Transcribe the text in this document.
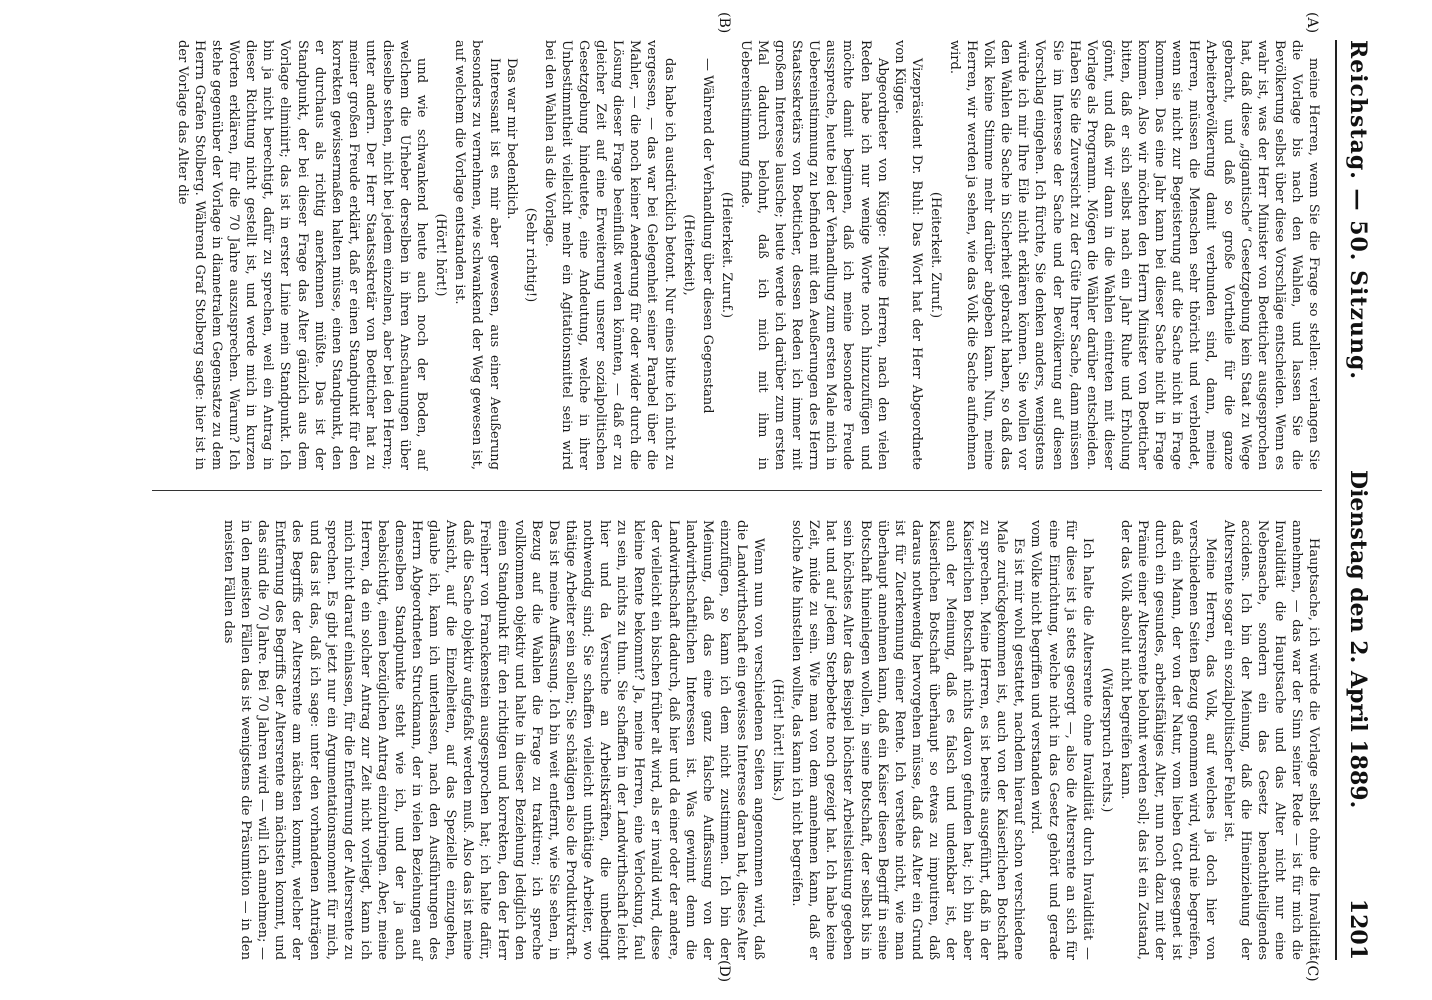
Reichstag. — 50. Sitzung.
Dienstag den 2. April 1889.
1201
(A)
(B)
(C)
(D)

meine Herren, wenn Sie die Frage so stellen: verlangen Sie die Vorlage bis nach den Wahlen, und lassen Sie die Bevölkerung selbst über diese Vorschläge entscheiden. Wenn es wahr ist, was der Herr Minister von Boetticher ausgesprochen hat, daß diese „gigantische“ Gesetzgebung kein Staat zu Wege gebracht, und daß so große Vortheile für die ganze Arbeiterbevölkerung damit verbunden sind, dann, meine Herren, müssen die Menschen sehr thöricht und verblendet, wenn sie nicht zur Begeisterung auf die Sache nicht in Frage kommen. Das eine Jahr kann bei dieser Sache nicht in Frage kommen. Also wir möchten den Herrn Minister von Boetticher bitten, daß er sich selbst nach ein Jahr Ruhe und Erholung gönnt, und daß wir dann in die Wahlen eintreten mit dieser Vorlage als Programm. Mögen die Wähler darüber entscheiden. Haben Sie die Zuversicht zu der Güte Ihrer Sache, dann müssen Sie im Interesse der Sache und der Bevölkerung auf diesen Vorschlag eingehen. Ich fürchte, Sie denken anders, wenigstens würde ich mir Ihre Eile nicht erklären können. Sie wollen vor den Wahlen die Sache in Sicherheit gebracht haben, so daß das Volk keine Stimme mehr darüber abgeben kann. Nun, meine Herren, wir werden ja sehen, wie das Volk die Sache aufnehmen wird.

(Heiterkeit. Zuruf.)

Vizepräsident Dr. Buhl: Das Wort hat der Herr Abgeordnete von Kügge.

Abgeordneter von Kügge: Meine Herren, nach den vielen Reden habe ich nur wenige Worte noch hinzuzufügen und möchte damit beginnen, daß ich meine besondere Freude ausspreche, heute bei der Verhandlung zum ersten Male mich in Uebereinstimmung zu befinden mit den Aeußerungen des Herrn Staatssekretärs von Boetticher, dessen Reden ich immer mit großem Interesse lausche; heute werde ich darüber zum ersten Mal dadurch belohnt, daß ich mich mit ihm in Uebereinstimmung finde.

(Heiterkeit. Zuruf.)

— Während der Verhandlung über diesen Gegenstand

(Heiterkeit),

das habe ich ausdrücklich betont. Nur eines bitte ich nicht zu vergessen, — das war bei Gelegenheit seiner Parabel über die Mahler, — die noch keiner Aenderung für oder wider durch die Lösung dieser Frage beeinflußt werden könnten, — daß er zu gleicher Zeit auf eine Erweiterung unserer sozialpolitischen Gesetzgebung hindeutete, eine Andeutung, welche in ihrer Unbestimmtheit vielleicht mehr ein Agitationsmittel sein wird bei den Wahlen als die Vorlage.

(Sehr richtig!)

Das war mir bedenklich.

Interessant ist es mir aber gewesen, aus einer Aeußerung besonders zu vernehmen, wie schwankend der Weg gewesen ist, auf welchem die Vorlage entstanden ist.

(Hört! hört!)

und wie schwankend heute auch noch der Boden, auf welchem die Urheber derselben in ihren Anschauungen über dieselbe stehen, nicht bei jedem einzelnen, aber bei den Herren; unter andern. Der Herr Staatssekretär von Boetticher hat zu meiner großen Freude erklärt, daß er einen Standpunkt für den korrekten gewissermaßen halten müsse, einen Standpunkt, den er durchaus als richtig anerkennen müßte. Das ist der Standpunkt, der bei dieser Frage das Alter gänzlich aus dem Vorlage eliminirt; das ist in erster Linie mein Standpunkt. Ich bin ja nicht berechtigt, dafür zu sprechen, weil ein Antrag in dieser Richtung nicht gestellt ist, und werde mich in kurzen Worten erklären, für die 70 Jahre auszusprechen. Warum? Ich stehe gegenüber der Vorlage in diametralem Gegensatze zu dem Herrn Grafen Stolberg. Während Graf Stolberg sagte: hier ist in der Vorlage das Alter die

Hauptsache, ich würde die Vorlage selbst ohne die Invalidität annehmen, — das war der Sinn seiner Rede — ist für mich die Invalidität die Hauptsache und das Alter nicht nur eine Nebensache, sondern ein das Gesetz benachtheiligendes accidens. Ich bin der Meinung, daß die Hineinziehung der Altersrente sogar ein sozialpolitischer Fehler ist.

Meine Herren, das Volk, auf welches ja doch hier von verschiedenen Seiten Bezug genommen wird, wird nie begreifen, daß ein Mann, der von der Natur, vom lieben Gott gesegnet ist durch ein gesundes, arbeitsfähiges Alter, nun noch dazu mit der Prämie einer Altersrente belohnt werden soll; das ist ein Zustand, der das Volk absolut nicht begreifen kann.

(Widerspruch rechts.)

Ich halte die Altersrente ohne Invalidität durch Invalidität — für diese ist ja stets gesorgt —, also die Altersrente an sich für eine Einrichtung, welche nicht in das Gesetz gehört und gerade vom Volke nicht begriffen und verstanden wird.

Es ist mir wohl gestattet, nachdem hierauf schon verschiedene Male zurückgekommen ist, auch von der Kaiserlichen Botschaft zu sprechen. Meine Herren, es ist bereits ausgeführt, daß in der Kaiserlichen Botschaft nichts davon gefunden hat; ich bin aber auch der Meinung, daß es falsch und undenkbar ist, der Kaiserlichen Botschaft überhaupt so etwas zu imputiren, daß daraus nothwendig hervorgehen müsse, daß das Alter ein Grund ist für Zuerkennung einer Rente. Ich verstehe nicht, wie man überhaupt annehmen kann, daß ein Kaiser diesen Begriff in seine Botschaft hineinlegen wollen, in seine Botschaft, der selbst bis in sein höchstes Alter das Beispiel höchster Arbeitsleistung gegeben hat und auf jedem Sterbebette noch gezeigt hat. Ich habe keine Zeit, müde zu sein. Wie man von dem annehmen kann, daß er solche Alte hinstellen wollte, das kann ich nicht begreifen.

(Hört! hört! links.)

Wenn nun von verschiedenen Seiten angenommen wird, daß die Landwirthschaft ein gewisses Interesse daran hat, dieses Alter einzufügen, so kann ich dem nicht zustimmen. Ich bin der Meinung, daß das eine ganz falsche Auffassung von der landwirthschaftlichen Interessen ist. Was gewinnt denn die Landwirthschaft dadurch, daß hier und da einer oder der andere, der vielleicht ein bischen früher alt wird, als er invalid wird, diese kleine Rente bekommt? Ja, meine Herren, eine Verlockung, faul zu sein, nichts zu thun. Sie schaffen in der Landwirthschaft leicht hier und da Versuche an Arbeitskräften, die unbedingt nothwendig sind; Sie schaffen vielleicht unthätige Arbeiter, wo thätige Arbeiter sein sollen; Sie schädigen also die Produktivkraft. Das ist meine Auffassung. Ich bin weit entfernt, wie Sie sehen, in Bezug auf die Wahlen die Frage zu traktiren; ich spreche vollkommen objektiv und halte in dieser Beziehung lediglich den einen Standpunkt für den richtigen und korrekten, den der Herr Freiherr von Franckenstein ausgesprochen hat; ich halte dafür, daß die Sache objektiv aufgefaßt werden muß. Also das ist meine Ansicht, auf die Einzelheiten, auf das Spezielle einzugehen, glaube ich, kann ich unterlassen, nach den Ausführungen des Herrn Abgeordneten Struckmann, der in vielen Beziehungen auf demselben Standpunkte steht wie ich, und der ja auch beabsichtigt, einen bezüglichen Antrag einzubringen. Aber, meine Herren, da ein solcher Antrag zur Zeit nicht vorliegt, kann ich mich nicht darauf einlassen, für die Entfernung der Altersrente zu sprechen. Es gibt jetzt nur ein Argumentationsmoment für mich, und das ist das, daß ich sage: unter den vorhandenen Anträgen des Begriffs der Altersrente am nächsten kommt, welcher der Entfernung des Begriffs der Altersrente am nächsten kommt, und das sind die 70 Jahre. Bei 70 Jahren wird — will ich annehmen; — in den meisten Fällen das ist wenigstens die Präsumtion — in den meisten Fällen das
